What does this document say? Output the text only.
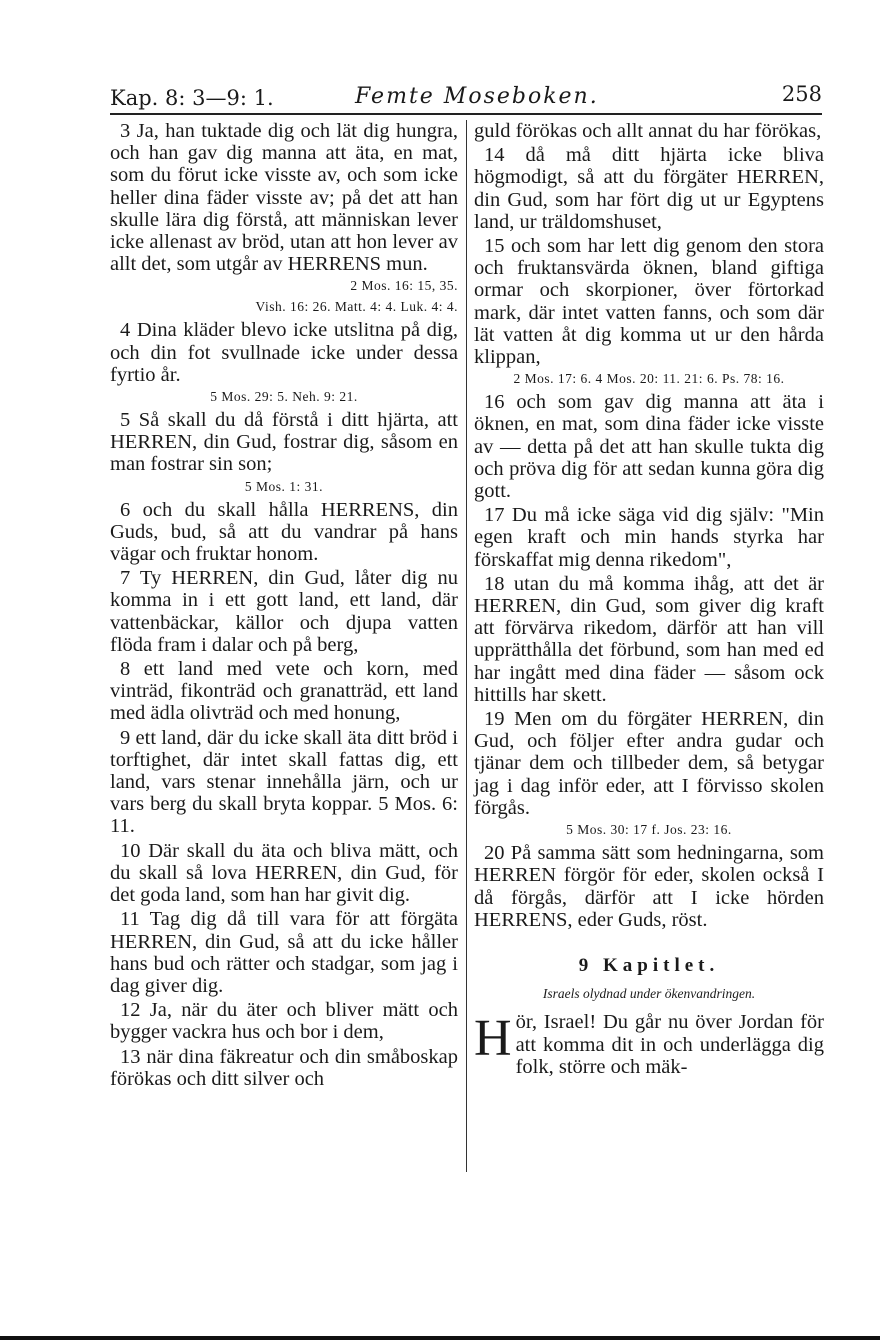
Kap. 8: 3—9: 1.	Femte Moseboken.	258

3 Ja, han tuktade dig och lät dig hungra, och han gav dig manna att äta, en mat, som du förut icke visste av, och som icke heller dina fäder visste av; på det att han skulle lära dig förstå, att människan lever icke allenast av bröd, utan att hon lever av allt det, som utgår av HERRENS mun.

2 Mos. 16: 15, 35.

Vish. 16: 26. Matt. 4: 4. Luk. 4: 4.

4 Dina kläder blevo icke utslitna på dig, och din fot svullnade icke under dessa fyrtio år.

5 Mos. 29: 5. Neh. 9: 21.

5 Så skall du då förstå i ditt hjärta, att HERREN, din Gud, fostrar dig, såsom en man fostrar sin son;

5 Mos. 1: 31.

6 och du skall hålla HERRENS, din Guds, bud, så att du vandrar på hans vägar och fruktar honom.

7 Ty HERREN, din Gud, låter dig nu komma in i ett gott land, ett land, där vattenbäckar, källor och djupa vatten flöda fram i dalar och på berg,

8 ett land med vete och korn, med vinträd, fikonträd och granatträd, ett land med ädla olivträd och med honung,

9 ett land, där du icke skall äta ditt bröd i torftighet, där intet skall fattas dig, ett land, vars stenar innehålla järn, och ur vars berg du skall bryta koppar. 5 Mos. 6: 11.

10 Där skall du äta och bliva mätt, och du skall så lova HERREN, din Gud, för det goda land, som han har givit dig.

11 Tag dig då till vara för att förgäta HERREN, din Gud, så att du icke håller hans bud och rätter och stadgar, som jag i dag giver dig.

12 Ja, när du äter och bliver mätt och bygger vackra hus och bor i dem,

13 när dina fäkreatur och din småboskap förökas och ditt silver och

guld förökas och allt annat du har förökas,

14 då må ditt hjärta icke bliva högmodigt, så att du förgäter HERREN, din Gud, som har fört dig ut ur Egyptens land, ur träldomshuset,

15 och som har lett dig genom den stora och fruktansvärda öknen, bland giftiga ormar och skorpioner, över förtorkad mark, där intet vatten fanns, och som där lät vatten åt dig komma ut ur den hårda klippan,

2 Mos. 17: 6. 4 Mos. 20: 11. 21: 6. Ps. 78: 16.

16 och som gav dig manna att äta i öknen, en mat, som dina fäder icke visste av — detta på det att han skulle tukta dig och pröva dig för att sedan kunna göra dig gott.

17 Du må icke säga vid dig själv: "Min egen kraft och min hands styrka har förskaffat mig denna rikedom",

18 utan du må komma ihåg, att det är HERREN, din Gud, som giver dig kraft att förvärva rikedom, därför att han vill upprätthålla det förbund, som han med ed har ingått med dina fäder — såsom ock hittills har skett.

19 Men om du förgäter HERREN, din Gud, och följer efter andra gudar och tjänar dem och tillbeder dem, så betygar jag i dag inför eder, att I förvisso skolen förgås.

5 Mos. 30: 17 f. Jos. 23: 16.

20 På samma sätt som hedningarna, som HERREN förgör för eder, skolen också I då förgås, därför att I icke hörden HERRENS, eder Guds, röst.

9 Kapitlet.
Israels olydnad under ökenvandringen.

Hör, Israel! Du går nu över Jordan för att komma dit in och underlägga dig folk, större och mäk-
